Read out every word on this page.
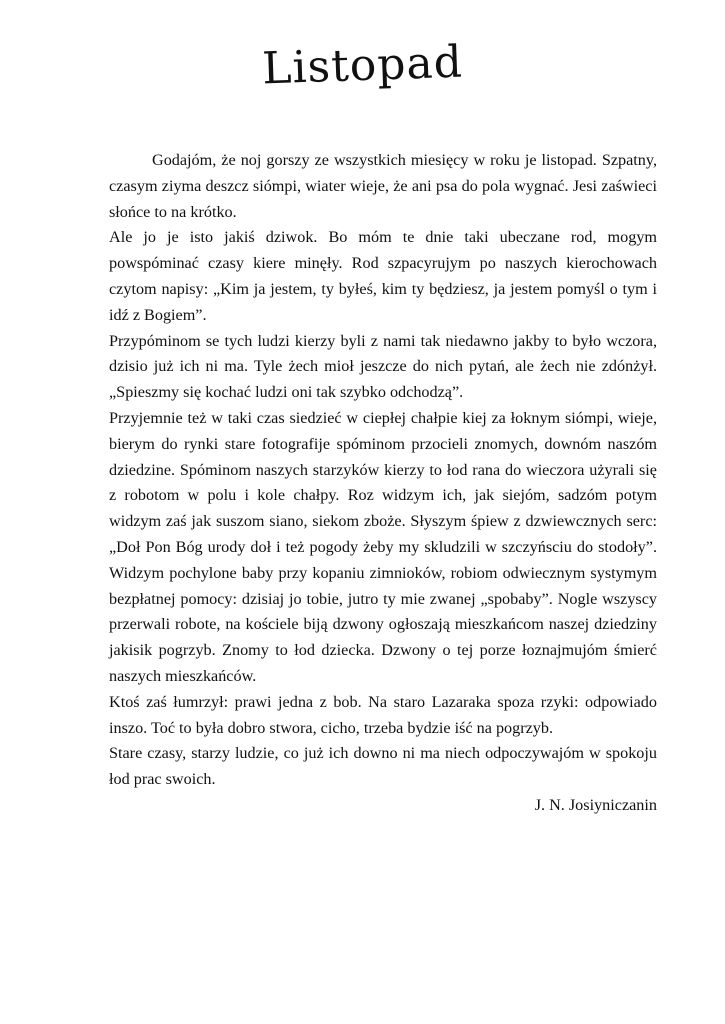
Listopad

Godajóm, że noj gorszy ze wszystkich miesięcy w roku je listopad. Szpatny, czasym ziyma deszcz siómpi, wiater wieje, że ani psa do pola wygnać. Jesi zaświeci słońce to na krótko.

Ale jo je isto jakiś dziwok. Bo móm te dnie taki ubeczane rod, mogym powspóminać czasy kiere minęły. Rod szpacyrujym po naszych kierochowach czytom napisy: „Kim ja jestem, ty byłeś, kim ty będziesz, ja jestem pomyśl o tym i idź z Bogiem”.

Przypóminom se tych ludzi kierzy byli z nami tak niedawno jakby to było wczora, dzisio już ich ni ma. Tyle żech mioł jeszcze do nich pytań, ale żech nie zdónżył. „Spieszmy się kochać ludzi oni tak szybko odchodzą”.

Przyjemnie też w taki czas siedzieć w ciepłej chałpie kiej za łoknym siómpi, wieje, bierym do rynki stare fotografije spóminom przocieli znomych, downóm naszóm dziedzine. Spóminom naszych starzyków kierzy to łod rana do wieczora użyrali się z robotom w polu i kole chałpy. Roz widzym ich, jak siejóm, sadzóm potym widzym zaś jak suszom siano, siekom zboże. Słyszym śpiew z dzwiewcznych serc: „Doł Pon Bóg urody doł i też pogody żeby my skludzili w szczyńsciu do stodoły”. Widzym pochylone baby przy kopaniu zimnioków, robiom odwiecznym systymym bezpłatnej pomocy: dzisiaj jo tobie, jutro ty mie zwanej „spobaby”. Nogle wszyscy przerwali robote, na kościele biją dzwony ogłoszają mieszkańcom naszej dziedziny jakisik pogrzyb. Znomy to łod dziecka. Dzwony o tej porze łoznajmujóm śmierć naszych mieszkańców.

Ktoś zaś łumrzył: prawi jedna z bob. Na staro Lazaraka spoza rzyki: odpowiado inszo. Toć to była dobro stwora, cicho, trzeba bydzie iść na pogrzyb.

Stare czasy, starzy ludzie, co już ich downo ni ma niech odpoczywajóm w spokoju łod prac swoich.

J. N. Josiyniczanin
